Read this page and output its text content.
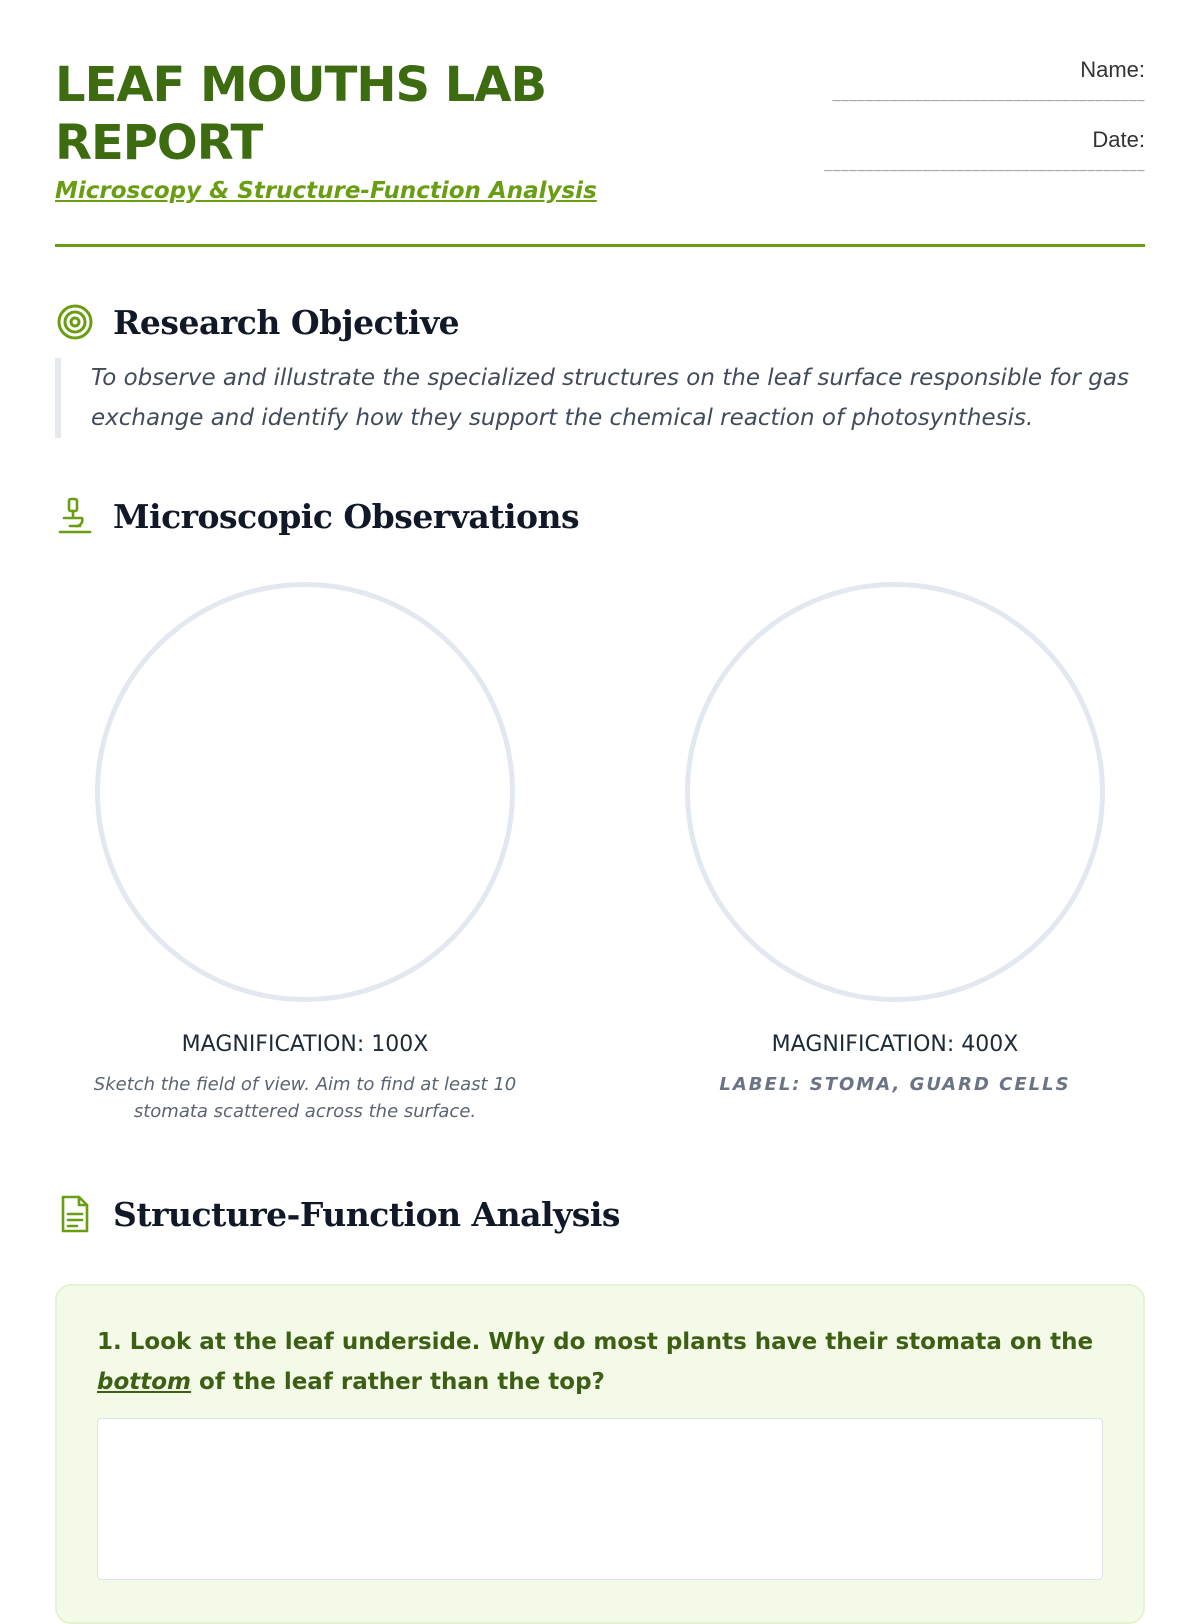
LEAF MOUTHS LAB REPORT

Microscopy & Structure-Function Analysis

Name:
______________________________________
Date:
_______________________________________
Research Objective
To observe and illustrate the specialized structures on the leaf surface responsible for gas exchange and identify how they support the chemical reaction of photosynthesis.
Microscopic Observations
MAGNIFICATION: 100X
Sketch the field of view. Aim to find at least 10 stomata scattered across the surface.
MAGNIFICATION: 400X
LABEL: STOMA, GUARD CELLS
Structure-Function Analysis

1. Look at the leaf underside. Why do most plants have their stomata on the bottom of the leaf rather than the top?
